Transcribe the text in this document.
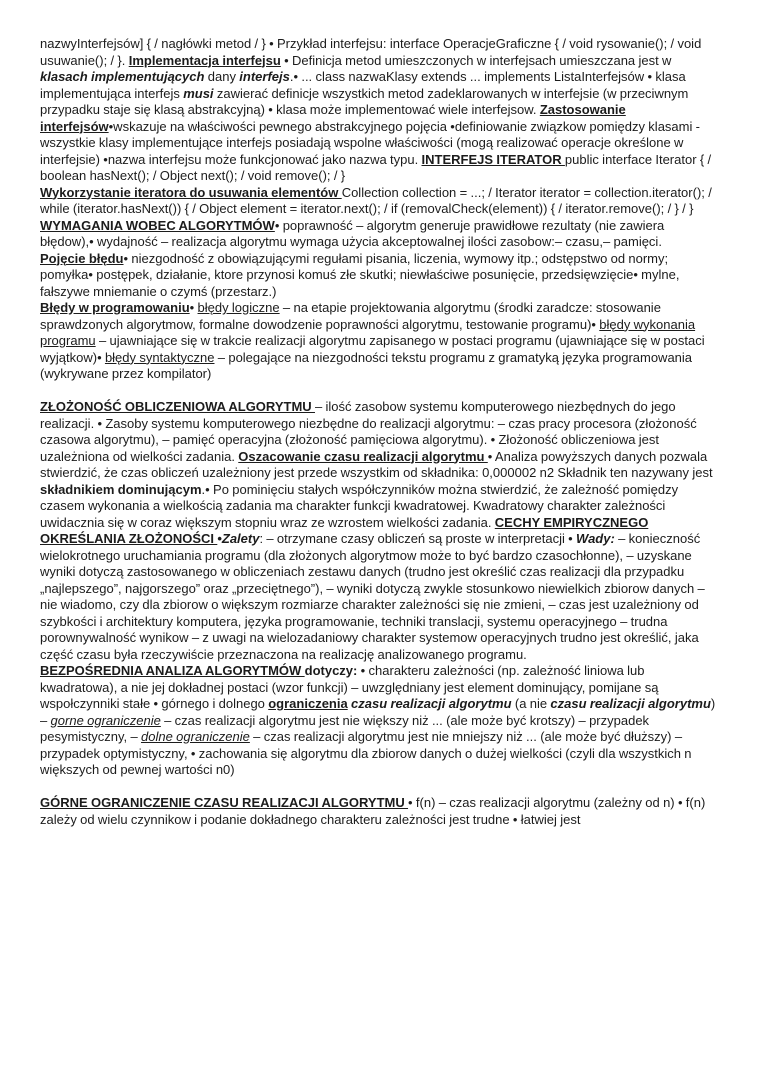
nazwyInterfejsów] { / nagłówki metod / } • Przykład interfejsu: interface OperacjeGraficzne { / void rysowanie(); / void usuwanie(); / }. Implementacja interfejsu • Definicja metod umieszczonych w interfejsach umieszczana jest w klasach implementujących dany interfejs.• ... class nazwaKlasy extends ... implements ListaInterfejsów • klasa implementująca interfejs musi zawierać definicje wszystkich metod zadeklarowanych w interfejsie (w przeciwnym przypadku staje się klasą abstrakcyjną) • klasa może implementować wiele interfejsow. Zastosowanie interfejsów•wskazuje na właściwości pewnego abstrakcyjnego pojęcia •definiowanie związkow pomiędzy klasami - wszystkie klasy implementujące interfejs posiadają wspolne właściwości (mogą realizować operacje określone w interfejsie) •nazwa interfejsu może funkcjonować jako nazwa typu. INTERFEJS ITERATOR public interface Iterator { / boolean hasNext(); / Object next(); / void remove(); / }

Wykorzystanie iteratora do usuwania elementów Collection collection = ...; / Iterator iterator = collection.iterator(); / while (iterator.hasNext()) { / Object element = iterator.next(); / if (removalCheck(element)) { / iterator.remove(); / } / }

WYMAGANIA WOBEC ALGORYTMÓW• poprawność – algorytm generuje prawidłowe rezultaty (nie zawiera błędow),• wydajność – realizacja algorytmu wymaga użycia akceptowalnej ilości zasobow:– czasu,– pamięci.

Pojęcie błędu• niezgodność z obowiązującymi regułami pisania, liczenia, wymowy itp.; odstępstwo od normy; pomyłka• postępek, działanie, ktore przynosi komuś złe skutki; niewłaściwe posunięcie, przedsięwzięcie• mylne, fałszywe mniemanie o czymś (przestarz.)

Błędy w programowaniu• błędy logiczne – na etapie projektowania algorytmu (środki zaradcze: stosowanie sprawdzonych algorytmow, formalne dowodzenie poprawności algorytmu, testowanie programu)• błędy wykonania programu – ujawniające się w trakcie realizacji algorytmu zapisanego w postaci programu (ujawniające się w postaci wyjątkow)• błędy syntaktyczne – polegające na niezgodności tekstu programu z gramatyką języka programowania (wykrywane przez kompilator)

ZŁOŻONOŚĆ OBLICZENIOWA ALGORYTMU – ilość zasobow systemu komputerowego niezbędnych do jego realizacji. • Zasoby systemu komputerowego niezbędne do realizacji algorytmu: – czas pracy procesora (złożoność czasowa algorytmu), – pamięć operacyjna (złożoność pamięciowa algorytmu). • Złożoność obliczeniowa jest uzależniona od wielkości zadania. Oszacowanie czasu realizacji algorytmu • Analiza powyższych danych pozwala stwierdzić, że czas obliczeń uzależniony jest przede wszystkim od składnika: 0,000002 n2 Składnik ten nazywany jest składnikiem dominującym.• Po pominięciu stałych współczynników można stwierdzić, że zależność pomiędzy czasem wykonania a wielkością zadania ma charakter funkcji kwadratowej. Kwadratowy charakter zależności uwidacznia się w coraz większym stopniu wraz ze wzrostem wielkości zadania. CECHY EMPIRYCZNEGO OKREŚLANIA ZŁOŻONOŚCI •Zalety: – otrzymane czasy obliczeń są proste w interpretacji • Wady: – konieczność wielokrotnego uruchamiania programu (dla złożonych algorytmow może to być bardzo czasochłonne), – uzyskane wyniki dotyczą zastosowanego w obliczeniach zestawu danych (trudno jest określić czas realizacji dla przypadku „najlepszego”, najgorszego” oraz „przeciętnego”), – wyniki dotyczą zwykle stosunkowo niewielkich zbiorow danych – nie wiadomo, czy dla zbiorow o większym rozmiarze charakter zależności się nie zmieni, – czas jest uzależniony od szybkości i architektury komputera, języka programowanie, techniki translacji, systemu operacyjnego – trudna porownywalność wynikow – z uwagi na wielozadaniowy charakter systemow operacyjnych trudno jest określić, jaka część czasu była rzeczywiście przeznaczona na realizację analizowanego programu.

BEZPOŚREDNIA ANALIZA ALGORYTMÓW dotyczy: • charakteru zależności (np. zależność liniowa lub kwadratowa), a nie jej dokładnej postaci (wzor funkcji) – uwzględniany jest element dominujący, pomijane są wspołczynniki stałe • górnego i dolnego ograniczenia czasu realizacji algorytmu (a nie czasu realizacji algorytmu) – gorne ograniczenie – czas realizacji algorytmu jest nie większy niż ... (ale może być krotszy) – przypadek pesymistyczny, – dolne ograniczenie – czas realizacji algorytmu jest nie mniejszy niż ... (ale może być dłuższy) – przypadek optymistyczny, • zachowania się algorytmu dla zbiorow danych o dużej wielkości (czyli dla wszystkich n większych od pewnej wartości n0)

GÓRNE OGRANICZENIE CZASU REALIZACJI ALGORYTMU • f(n) – czas realizacji algorytmu (zależny od n) • f(n) zależy od wielu czynnikow i podanie dokładnego charakteru zależności jest trudne • łatwiej jest
